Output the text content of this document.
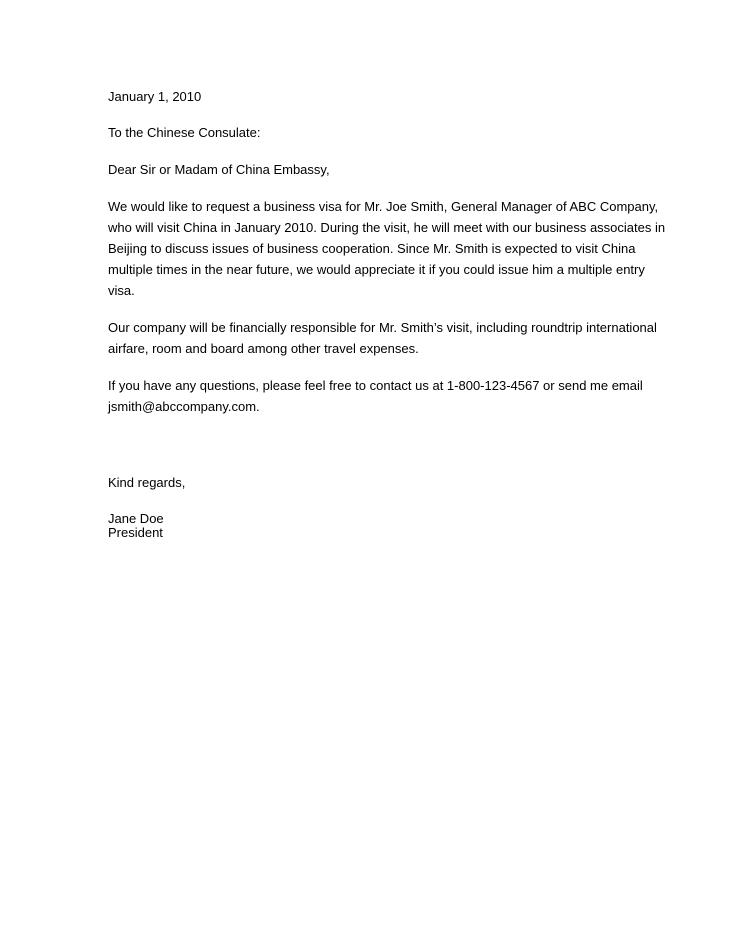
January 1, 2010
To the Chinese Consulate:
Dear Sir or Madam of China Embassy,
We would like to request a business visa for Mr. Joe Smith, General Manager of ABC Company,
who will visit China in January 2010. During the visit, he will meet with our business associates in
Beijing to discuss issues of business cooperation. Since Mr. Smith is expected to visit China
multiple times in the near future, we would appreciate it if you could issue him a multiple entry
visa.
Our company will be financially responsible for Mr. Smith’s visit, including roundtrip international
airfare, room and board among other travel expenses.
If you have any questions, please feel free to contact us at 1-800-123-4567 or send me email
jsmith@abccompany.com.
Kind regards,
Jane Doe
President
